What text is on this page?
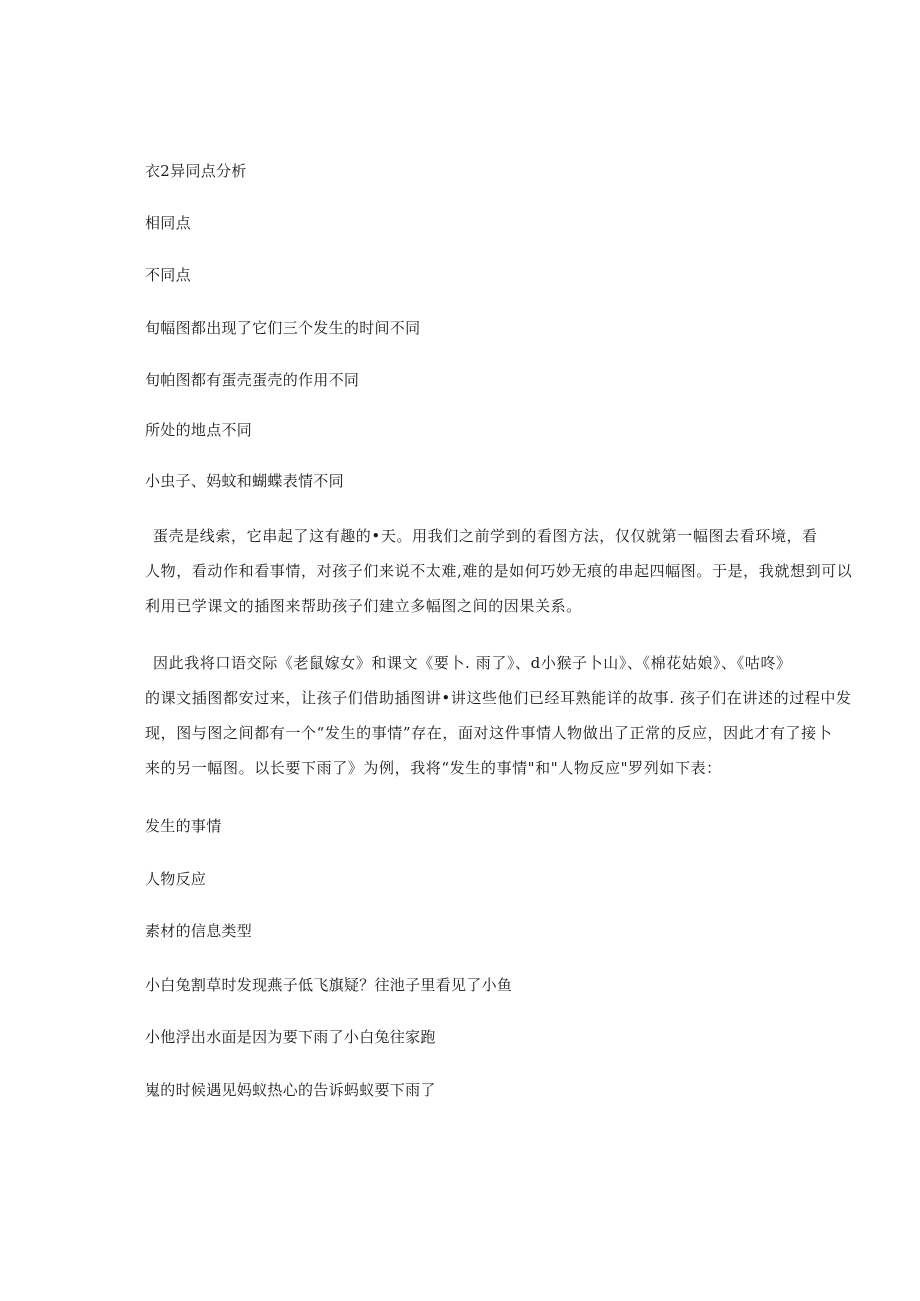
衣2异同点分析
相同点
不同点
旬幅图都出现了它们三个发生的时间不同
旬帕图都有蛋壳蛋壳的作用不同
所处的地点不同
小虫子、妈蚊和蝴蝶表情不同
蛋壳是线索，它串起了这有趣的•天。用我们之前学到的看图方法，仅仅就第一幅图去看环境，看
人物，看动作和看事情，对孩子们来说不太难,难的是如何巧妙无痕的串起四幅图。于是，我就想到可以
利用已学课文的插图来帮助孩子们建立多幅图之间的因果关系。
因此我将口语交际《老鼠嫁女》和课文《要卜. 雨了》、d小猴子卜山》、《棉花姑娘》、《咕咚》
的课文插图都安过来，让孩子们借助插图讲•讲这些他们已经耳熟能详的故事. 孩子们在讲述的过程中发
现，图与图之间都有一个“发生的事情”存在，面对这件事情人物做出了正常的反应，因此才有了接卜
来的另一幅图。以长要下雨了》为例，我将“发生的事情"和"人物反应"罗列如下表：
发生的事情
人物反应
素材的信息类型
小白兔割草时发现燕子低飞旗疑？往池子里看见了小鱼
小他浮出水面是因为要下雨了小白兔往家跑
嵬的时候遇见妈蚁热心的告诉蚂蚁要下雨了
